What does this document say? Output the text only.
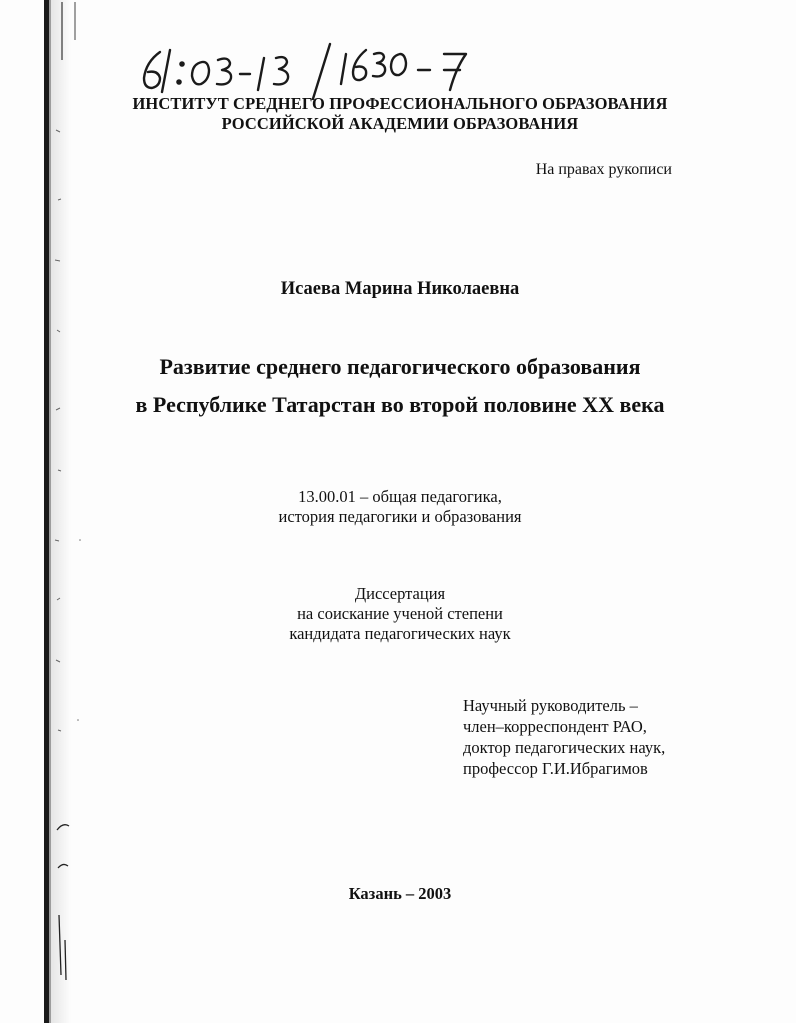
ИНСТИТУТ СРЕДНЕГО ПРОФЕССИОНАЛЬНОГО ОБРАЗОВАНИЯ
РОССИЙСКОЙ АКАДЕМИИ ОБРАЗОВАНИЯ
На правах рукописи
Исаева Марина Николаевна
Развитие среднего педагогического образования
в Республике Татарстан во второй половине XX века
13.00.01 – общая педагогика,
история педагогики и образования
Диссертация
на соискание ученой степени
кандидата педагогических наук
Научный руководитель –
член–корреспондент РАО,
доктор педагогических наук,
профессор Г.И.Ибрагимов
Казань – 2003
